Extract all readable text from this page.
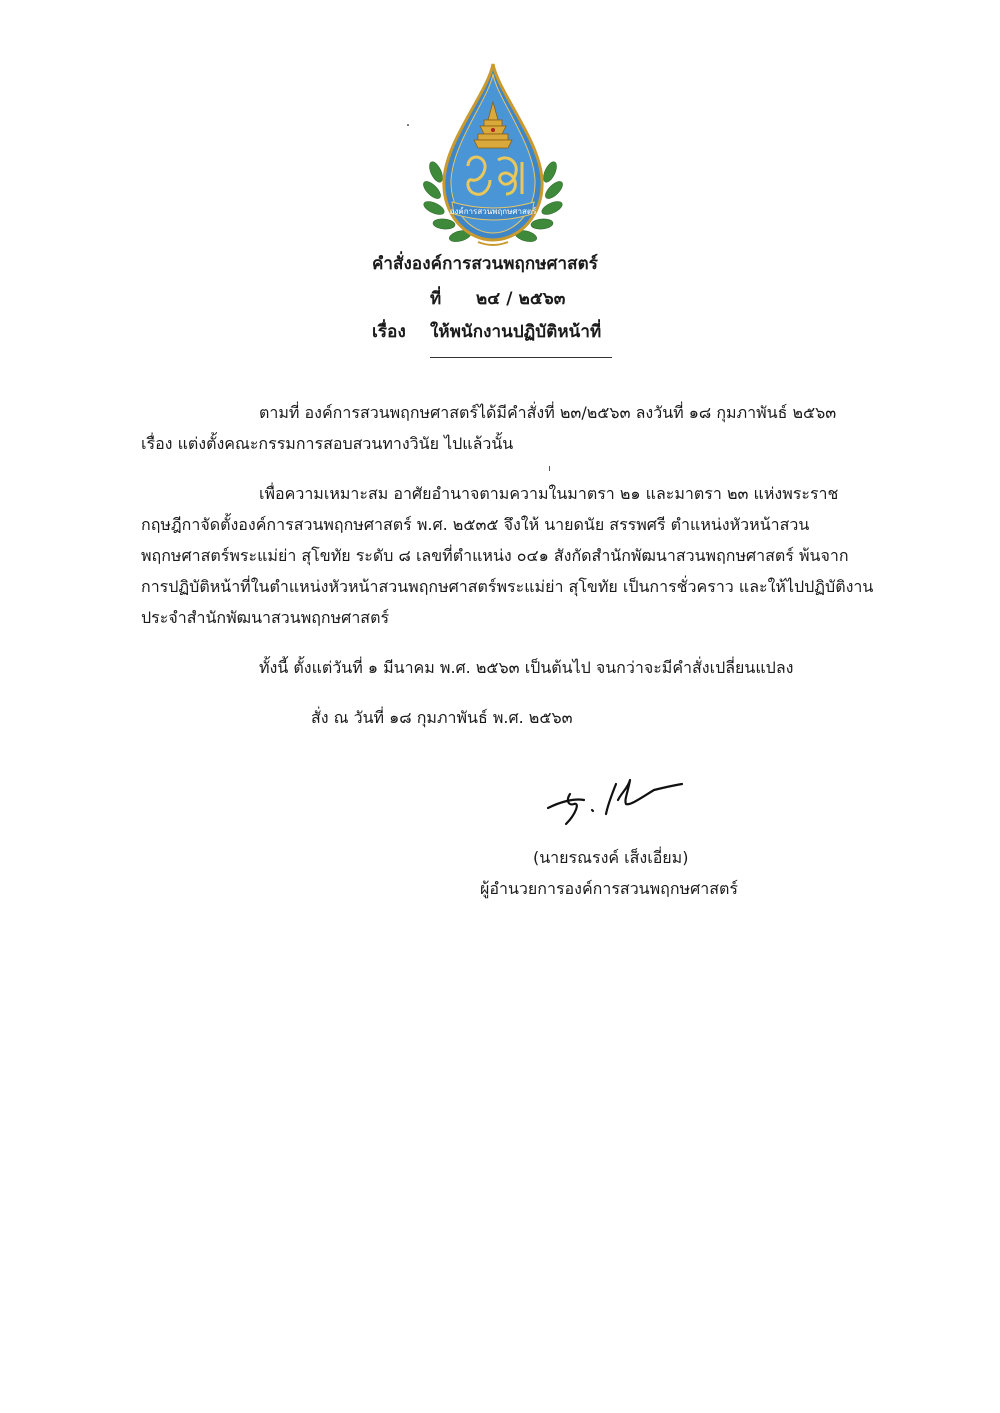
องค์การสวนพฤกษศาสตร์
คำสั่งองค์การสวนพฤกษศาสตร์
ที่ ๒๔ / ๒๕๖๓
เรื่อง ให้พนักงานปฏิบัติหน้าที่
ตามที่ องค์การสวนพฤกษศาสตร์ได้มีคำสั่งที่ ๒๓/๒๕๖๓ ลงวันที่ ๑๘ กุมภาพันธ์ ๒๕๖๓
เรื่อง แต่งตั้งคณะกรรมการสอบสวนทางวินัย ไปแล้วนั้น
เพื่อความเหมาะสม อาศัยอำนาจตามความในมาตรา ๒๑ และมาตรา ๒๓ แห่งพระราช
กฤษฎีกาจัดตั้งองค์การสวนพฤกษศาสตร์ พ.ศ. ๒๕๓๕ จึงให้ นายดนัย สรรพศรี ตำแหน่งหัวหน้าสวน
พฤกษศาสตร์พระแม่ย่า สุโขทัย ระดับ ๘ เลขที่ตำแหน่ง ๐๔๑ สังกัดสำนักพัฒนาสวนพฤกษศาสตร์ พ้นจาก
การปฏิบัติหน้าที่ในตำแหน่งหัวหน้าสวนพฤกษศาสตร์พระแม่ย่า สุโขทัย เป็นการชั่วคราว และให้ไปปฏิบัติงาน
ประจำสำนักพัฒนาสวนพฤกษศาสตร์
ทั้งนี้ ตั้งแต่วันที่ ๑ มีนาคม พ.ศ. ๒๕๖๓ เป็นต้นไป จนกว่าจะมีคำสั่งเปลี่ยนแปลง
สั่ง ณ วันที่ ๑๘ กุมภาพันธ์ พ.ศ. ๒๕๖๓
(นายรณรงค์ เส็งเอี่ยม)
ผู้อำนวยการองค์การสวนพฤกษศาสตร์
